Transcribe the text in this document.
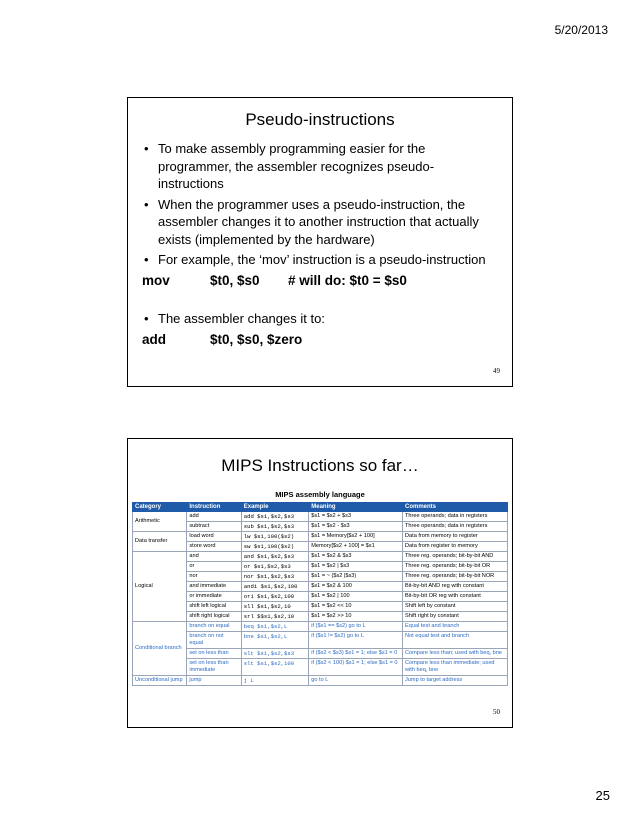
5/20/2013
Pseudo-instructions
• To make assembly programming easier for the programmer, the assembler recognizes pseudo-instructions
• When the programmer uses a pseudo-instruction, the assembler changes it to another instruction that actually exists (implemented by the hardware)
• For example, the ‘mov’ instruction is a pseudo-instruction
mov	$t0, $s0	# will do: $t0 = $s0
• The assembler changes it to:
add	$t0, $s0, $zero
49
MIPS Instructions so far…
MIPS assembly language
Category	Instruction	Example	Meaning	Comments
Arithmetic	add	add $s1,$s2,$s3	$s1 = $s2 + $s3	Three operands; data in registers
	subtract	sub $s1,$s2,$s3	$s1 = $s2 - $s3	Three operands; data in registers
Data transfer	load word	lw $s1,100($s2)	$s1 = Memory[$s2 + 100]	Data from memory to register
	store word	sw $s1,100($s2)	Memory[$s2 + 100] = $s1	Data from register to memory
Logical	and	and $s1,$s2,$s3	$s1 = $s2 & $s3	Three reg. operands; bit-by-bit AND
	or	or $s1,$s2,$s3	$s1 = $s2 | $s3	Three reg. operands; bit-by-bit OR
	nor	nor $s1,$s2,$s3	$s1 = ~ ($s2 |$s3)	Three reg. operands; bit-by-bit NOR
	and immediate	andi $s1,$s2,100	$s1 = $s2 & 100	Bit-by-bit AND reg with constant
	or immediate	ori $s1,$s2,100	$s1 = $s2 | 100	Bit-by-bit OR reg with constant
	shift left logical	sll $s1,$s2,10	$s1 = $s2 << 10	Shift left by constant
	shift right logical	srl $$s1,$s2,10	$s1 = $s2 >> 10	Shift right by constant
Conditional branch	branch on equal	beq $s1,$s2,L	if ($s1 == $s2) go to L	Equal test and branch
	branch on not equal	bne $s1,$s2,L	if ($s1 != $s2) go to L	Not equal test and branch
	set on less than	slt $s1,$s2,$s3	if ($s2 < $s3) $s1 = 1; else $s1 = 0	Compare less than; used with beq, bne
	set on less than immediate	slt $s1,$s2,100	if ($s2 < 100) $s1 = 1; else $s1 = 0	Compare less than immediate; used with beq, bne
Unconditional jump	jump	j L	go to L	Jump to target address
50
25
